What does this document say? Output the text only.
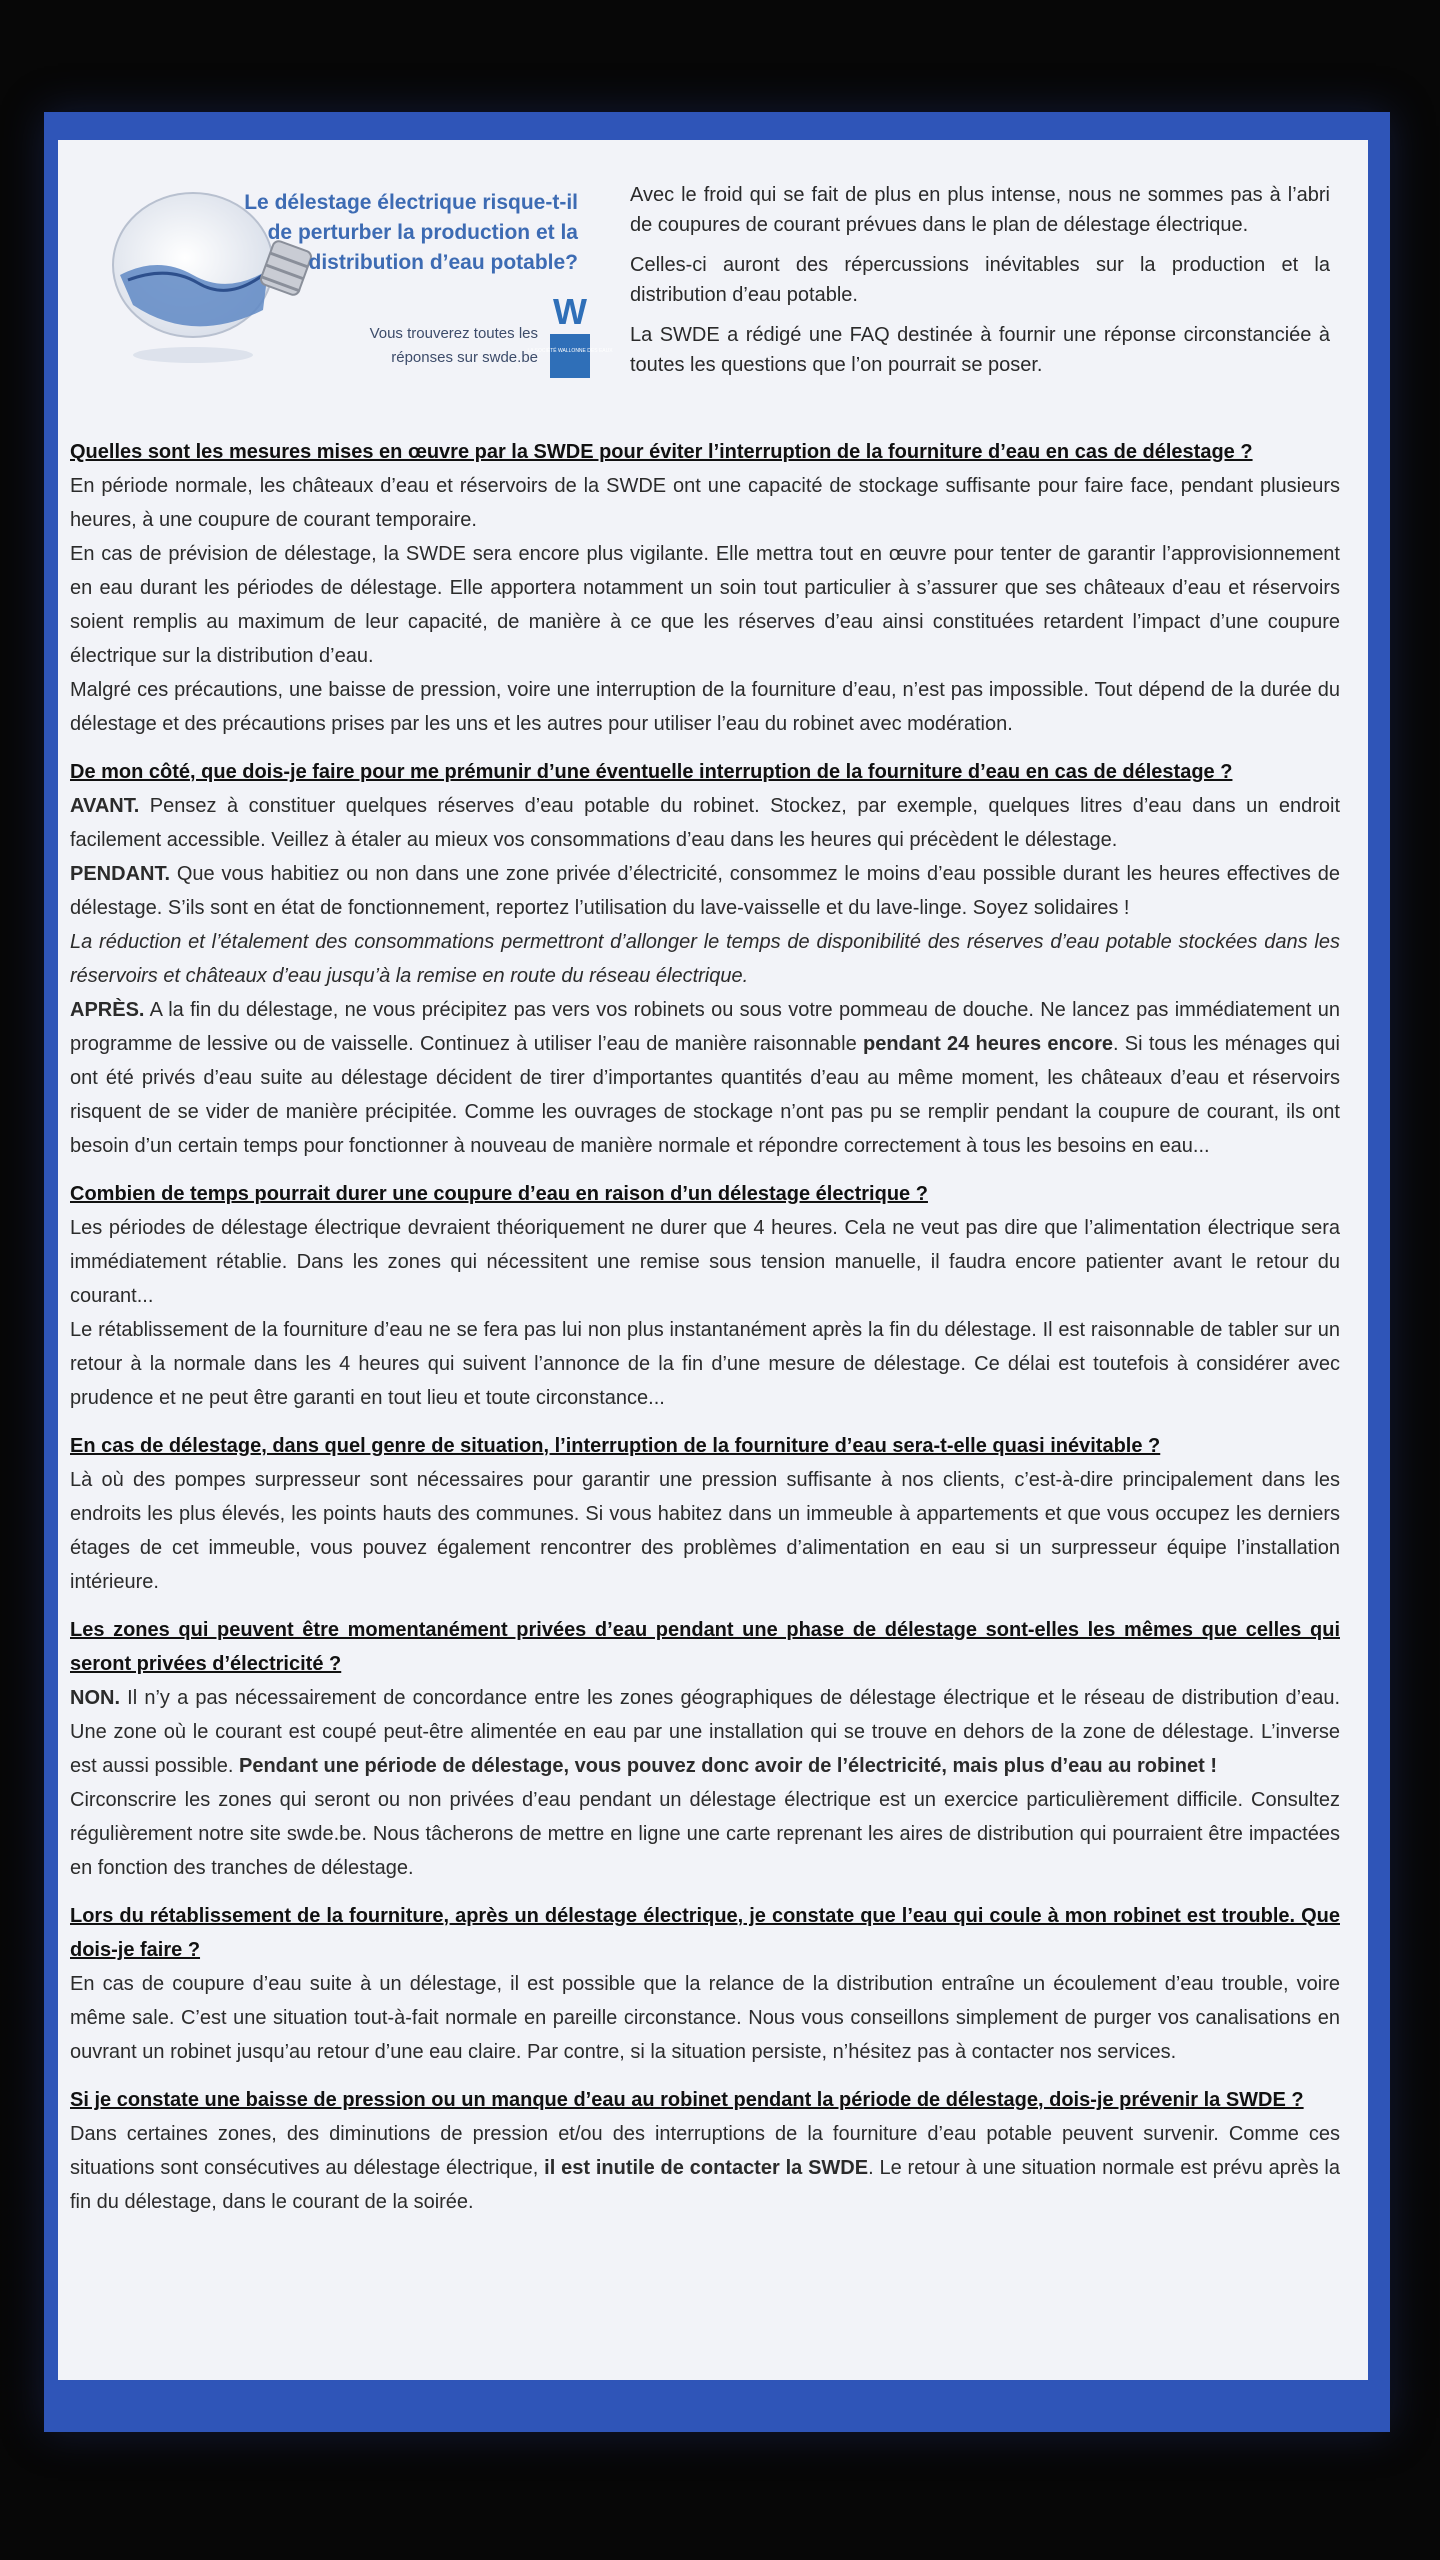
Le délestage électrique risque-t-il de perturber la production et la distribution d’eau potable?
Vous trouverez toutes les réponses sur swde.be
W
LA SOCIÉTÉ WALLONNE DES EAUX

Avec le froid qui se fait de plus en plus intense, nous ne sommes pas à l’abri de coupures de courant prévues dans le plan de délestage électrique.

Celles-ci auront des répercussions inévitables sur la production et la distribution d’eau potable.

La SWDE a rédigé une FAQ destinée à fournir une réponse circonstanciée à toutes les questions que l’on pourrait se poser.

Quelles sont les mesures mises en œuvre par la SWDE pour éviter l’interruption de la fourniture d’eau en cas de délestage ?

En période normale, les châteaux d’eau et réservoirs de la SWDE ont une capacité de stockage suffisante pour faire face, pendant plusieurs heures, à une coupure de courant temporaire.

En cas de prévision de délestage, la SWDE sera encore plus vigilante. Elle mettra tout en œuvre pour tenter de garantir l’approvisionnement en eau durant les périodes de délestage. Elle apportera notamment un soin tout particulier à s’assurer que ses châteaux d’eau et réservoirs soient remplis au maximum de leur capacité, de manière à ce que les réserves d’eau ainsi constituées retardent l’impact d’une coupure électrique sur la distribution d’eau.

Malgré ces précautions, une baisse de pression, voire une interruption de la fourniture d’eau, n’est pas impossible. Tout dépend de la durée du délestage et des précautions prises par les uns et les autres pour utiliser l’eau du robinet avec modération.

De mon côté, que dois-je faire pour me prémunir d’une éventuelle interruption de la fourniture d’eau en cas de délestage ?

AVANT. Pensez à constituer quelques réserves d’eau potable du robinet. Stockez, par exemple, quelques litres d’eau dans un endroit facilement accessible. Veillez à étaler au mieux vos consommations d’eau dans les heures qui précèdent le délestage.

PENDANT. Que vous habitiez ou non dans une zone privée d’électricité, consommez le moins d’eau possible durant les heures effectives de délestage. S’ils sont en état de fonctionnement, reportez l’utilisation du lave-vaisselle et du lave-linge. Soyez solidaires !

La réduction et l’étalement des consommations permettront d’allonger le temps de disponibilité des réserves d’eau potable stockées dans les réservoirs et châteaux d’eau jusqu’à la remise en route du réseau électrique.

APRÈS. A la fin du délestage, ne vous précipitez pas vers vos robinets ou sous votre pommeau de douche. Ne lancez pas immédiatement un programme de lessive ou de vaisselle. Continuez à utiliser l’eau de manière raisonnable pendant 24 heures encore. Si tous les ménages qui ont été privés d’eau suite au délestage décident de tirer d’importantes quantités d’eau au même moment, les châteaux d’eau et réservoirs risquent de se vider de manière précipitée. Comme les ouvrages de stockage n’ont pas pu se remplir pendant la coupure de courant, ils ont besoin d’un certain temps pour fonctionner à nouveau de manière normale et répondre correctement à tous les besoins en eau...

Combien de temps pourrait durer une coupure d’eau en raison d’un délestage électrique ?

Les périodes de délestage électrique devraient théoriquement ne durer que 4 heures. Cela ne veut pas dire que l’alimentation électrique sera immédiatement rétablie. Dans les zones qui nécessitent une remise sous tension manuelle, il faudra encore patienter avant le retour du courant...

Le rétablissement de la fourniture d’eau ne se fera pas lui non plus instantanément après la fin du délestage. Il est raisonnable de tabler sur un retour à la normale dans les 4 heures qui suivent l’annonce de la fin d’une mesure de délestage. Ce délai est toutefois à considérer avec prudence et ne peut être garanti en tout lieu et toute circonstance...

En cas de délestage, dans quel genre de situation, l’interruption de la fourniture d’eau sera-t-elle quasi inévitable ?

Là où des pompes surpresseur sont nécessaires pour garantir une pression suffisante à nos clients, c’est-à-dire principalement dans les endroits les plus élevés, les points hauts des communes. Si vous habitez dans un immeuble à appartements et que vous occupez les derniers étages de cet immeuble, vous pouvez également rencontrer des problèmes d’alimentation en eau si un surpresseur équipe l’installation intérieure.

Les zones qui peuvent être momentanément privées d’eau pendant une phase de délestage sont-elles les mêmes que celles qui seront privées d’électricité ?

NON. Il n’y a pas nécessairement de concordance entre les zones géographiques de délestage électrique et le réseau de distribution d’eau. Une zone où le courant est coupé peut-être alimentée en eau par une installation qui se trouve en dehors de la zone de délestage. L’inverse est aussi possible. Pendant une période de délestage, vous pouvez donc avoir de l’électricité, mais plus d’eau au robinet !

Circonscrire les zones qui seront ou non privées d’eau pendant un délestage électrique est un exercice particulièrement difficile. Consultez régulièrement notre site swde.be. Nous tâcherons de mettre en ligne une carte reprenant les aires de distribution qui pourraient être impactées en fonction des tranches de délestage.

Lors du rétablissement de la fourniture, après un délestage électrique, je constate que l’eau qui coule à mon robinet est trouble. Que dois-je faire ?

En cas de coupure d’eau suite à un délestage, il est possible que la relance de la distribution entraîne un écoulement d’eau trouble, voire même sale. C’est une situation tout-à-fait normale en pareille circonstance. Nous vous conseillons simplement de purger vos canalisations en ouvrant un robinet jusqu’au retour d’une eau claire. Par contre, si la situation persiste, n’hésitez pas à contacter nos services.

Si je constate une baisse de pression ou un manque d’eau au robinet pendant la période de délestage, dois-je prévenir la SWDE ?

Dans certaines zones, des diminutions de pression et/ou des interruptions de la fourniture d’eau potable peuvent survenir. Comme ces situations sont consécutives au délestage électrique, il est inutile de contacter la SWDE. Le retour à une situation normale est prévu après la fin du délestage, dans le courant de la soirée.
